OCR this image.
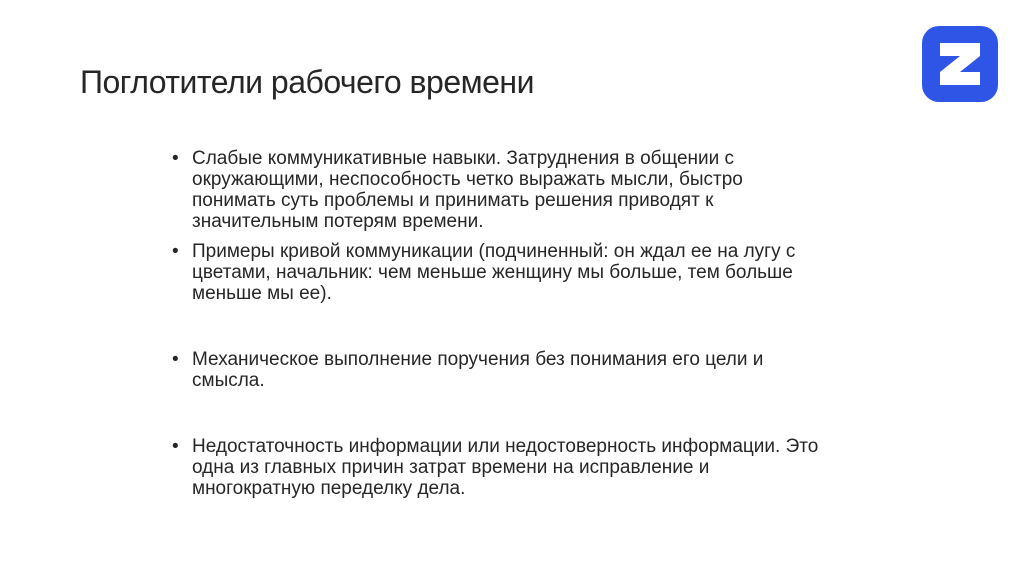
Поглотители рабочего времени
• Слабые коммуникативные навыки. Затруднения в общении с окружающими, неспособность четко выражать мысли, быстро понимать суть проблемы и принимать решения приводят к значительным потерям времени.
• Примеры кривой коммуникации (подчиненный: он ждал ее на лугу с цветами, начальник: чем меньше женщину мы больше, тем больше меньше мы ее).
• Механическое выполнение поручения без понимания его цели и смысла.
• Недостаточность информации или недостоверность информации. Это одна из главных причин затрат времени на исправление и многократную переделку дела.
